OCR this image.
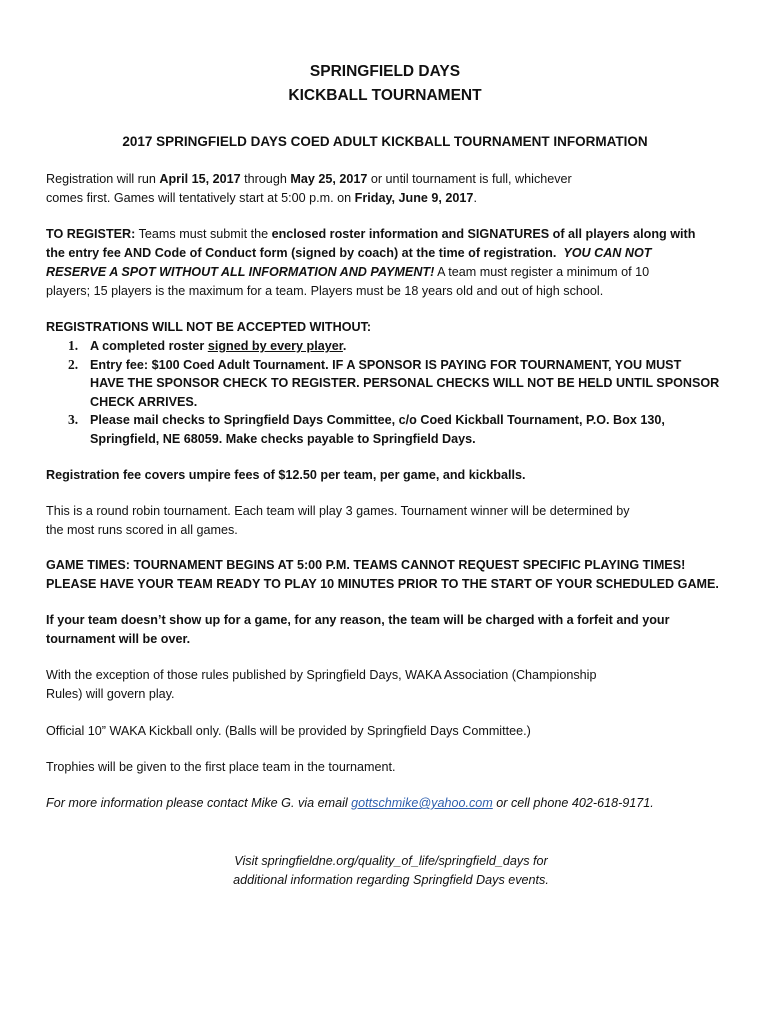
SPRINGFIELD DAYS
KICKBALL TOURNAMENT
2017 SPRINGFIELD DAYS COED ADULT KICKBALL TOURNAMENT INFORMATION
Registration will run April 15, 2017 through May 25, 2017 or until tournament is full, whichever
comes first. Games will tentatively start at 5:00 p.m. on Friday, June 9, 2017.
TO REGISTER: Teams must submit the enclosed roster information and SIGNATURES of all players along with
the entry fee AND Code of Conduct form (signed by coach) at the time of registration. YOU CAN NOT
RESERVE A SPOT WITHOUT ALL INFORMATION AND PAYMENT! A team must register a minimum of 10
players; 15 players is the maximum for a team. Players must be 18 years old and out of high school.
REGISTRATIONS WILL NOT BE ACCEPTED WITHOUT:
1. A completed roster signed by every player.
2. Entry fee: $100 Coed Adult Tournament. IF A SPONSOR IS PAYING FOR TOURNAMENT, YOU MUST
HAVE THE SPONSOR CHECK TO REGISTER. PERSONAL CHECKS WILL NOT BE HELD UNTIL SPONSOR
CHECK ARRIVES.
3. Please mail checks to Springfield Days Committee, c/o Coed Kickball Tournament, P.O. Box 130,
Springfield, NE 68059. Make checks payable to Springfield Days.
Registration fee covers umpire fees of $12.50 per team, per game, and kickballs.
This is a round robin tournament. Each team will play 3 games. Tournament winner will be determined by
the most runs scored in all games.
GAME TIMES: TOURNAMENT BEGINS AT 5:00 P.M. TEAMS CANNOT REQUEST SPECIFIC PLAYING TIMES!
PLEASE HAVE YOUR TEAM READY TO PLAY 10 MINUTES PRIOR TO THE START OF YOUR SCHEDULED GAME.
If your team doesn’t show up for a game, for any reason, the team will be charged with a forfeit and your
tournament will be over.
With the exception of those rules published by Springfield Days, WAKA Association (Championship
Rules) will govern play.
Official 10” WAKA Kickball only. (Balls will be provided by Springfield Days Committee.)
Trophies will be given to the first place team in the tournament.
For more information please contact Mike G. via email gottschmike@yahoo.com or cell phone 402-618-9171.
Visit springfieldne.org/quality_of_life/springfield_days for
additional information regarding Springfield Days events.
